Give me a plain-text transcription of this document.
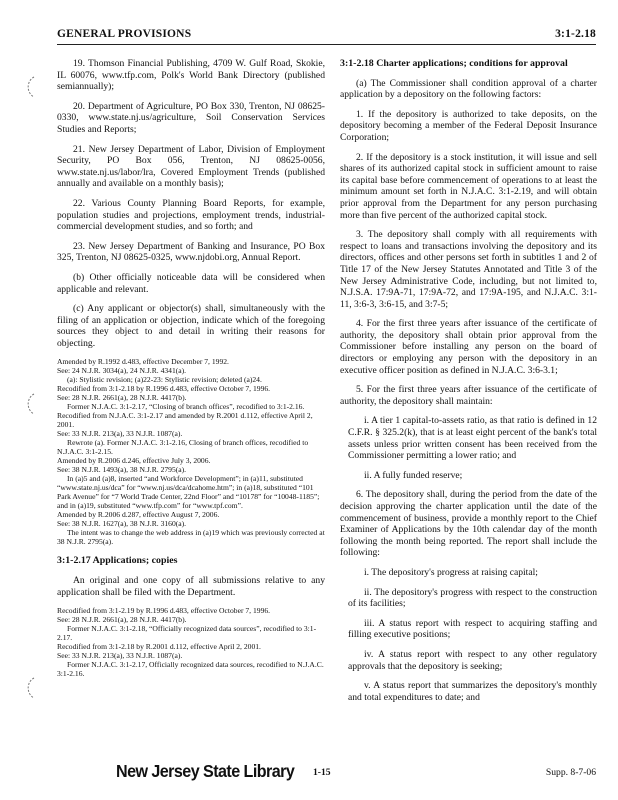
GENERAL PROVISIONS	3:1-2.18

19. Thomson Financial Publishing, 4709 W. Gulf Road, Skokie, IL 60076, www.tfp.com, Polk's World Bank Directory (published semiannually);

20. Department of Agriculture, PO Box 330, Trenton, NJ 08625-0330, www.state.nj.us/agriculture, Soil Conservation Services Studies and Reports;

21. New Jersey Department of Labor, Division of Employment Security, PO Box 056, Trenton, NJ 08625-0056, www.state.nj.us/labor/lra, Covered Employment Trends (published annually and available on a monthly basis);

22. Various County Planning Board Reports, for example, population studies and projections, employment trends, industrial-commercial development studies, and so forth; and

23. New Jersey Department of Banking and Insurance, PO Box 325, Trenton, NJ 08625-0325, www.njdobi.org, Annual Report.

(b) Other officially noticeable data will be considered when applicable and relevant.

(c) Any applicant or objector(s) shall, simultaneously with the filing of an application or objection, indicate which of the foregoing sources they object to and detail in writing their reasons for objecting.

Amended by R.1992 d.483, effective December 7, 1992.

See: 24 N.J.R. 3034(a), 24 N.J.R. 4341(a).

(a): Stylistic revision; (a)22-23: Stylistic revision; deleted (a)24.

Recodified from 3:1-2.18 by R.1996 d.483, effective October 7, 1996.

See: 28 N.J.R. 2661(a), 28 N.J.R. 4417(b).

Former N.J.A.C. 3:1-2.17, “Closing of branch offices”, recodified to 3:1-2.16.

Recodified from N.J.A.C. 3:1-2.17 and amended by R.2001 d.112, effective April 2, 2001.

See: 33 N.J.R. 213(a), 33 N.J.R. 1087(a).

Rewrote (a). Former N.J.A.C. 3:1-2.16, Closing of branch offices, recodified to N.J.A.C. 3:1-2.15.

Amended by R.2006 d.246, effective July 3, 2006.

See: 38 N.J.R. 1493(a), 38 N.J.R. 2795(a).

In (a)5 and (a)8, inserted “and Workforce Development”; in (a)11, substituted “www.state.nj.us/dca” for “www.nj.us/dca/dcahome.htm”; in (a)18, substituted “101 Park Avenue” for “7 World Trade Center, 22nd Floor” and “10178” for “10048-1185”; and in (a)19, substituted “www.tfp.com” for “www.tpf.com”.

Amended by R.2006 d.287, effective August 7, 2006.

See: 38 N.J.R. 1627(a), 38 N.J.R. 3160(a).

The intent was to change the web address in (a)19 which was previously corrected at 38 N.J.R. 2795(a).

3:1-2.17 Applications; copies

An original and one copy of all submissions relative to any application shall be filed with the Department.

Recodified from 3:1-2.19 by R.1996 d.483, effective October 7, 1996.

See: 28 N.J.R. 2661(a), 28 N.J.R. 4417(b).

Former N.J.A.C. 3:1-2.18, “Officially recognized data sources”, recodified to 3:1-2.17.

Recodified from 3:1-2.18 by R.2001 d.112, effective April 2, 2001.

See: 33 N.J.R. 213(a), 33 N.J.R. 1087(a).

Former N.J.A.C. 3:1-2.17, Officially recognized data sources, recodified to N.J.A.C. 3:1-2.16.

3:1-2.18 Charter applications; conditions for approval

(a) The Commissioner shall condition approval of a charter application by a depository on the following factors:

1. If the depository is authorized to take deposits, on the depository becoming a member of the Federal Deposit Insurance Corporation;

2. If the depository is a stock institution, it will issue and sell shares of its authorized capital stock in sufficient amount to raise its capital base before commencement of operations to at least the minimum amount set forth in N.J.A.C. 3:1-2.19, and will obtain prior approval from the Department for any person purchasing more than five percent of the authorized capital stock.

3. The depository shall comply with all requirements with respect to loans and transactions involving the depository and its directors, offices and other persons set forth in subtitles 1 and 2 of Title 17 of the New Jersey Statutes Annotated and Title 3 of the New Jersey Administrative Code, including, but not limited to, N.J.S.A. 17:9A-71, 17:9A-72, and 17:9A-195, and N.J.A.C. 3:1-11, 3:6-3, 3:6-15, and 3:7-5;

4. For the first three years after issuance of the certificate of authority, the depository shall obtain prior approval from the Commissioner before installing any person on the board of directors or employing any person with the depository in an executive officer position as defined in N.J.A.C. 3:6-3.1;

5. For the first three years after issuance of the certificate of authority, the depository shall maintain:

i. A tier 1 capital-to-assets ratio, as that ratio is defined in 12 C.F.R. § 325.2(k), that is at least eight percent of the bank's total assets unless prior written consent has been received from the Commissioner permitting a lower ratio; and

ii. A fully funded reserve;

6. The depository shall, during the period from the date of the decision approving the charter application until the date of the commencement of business, provide a monthly report to the Chief Examiner of Applications by the 10th calendar day of the month following the month being reported. The report shall include the following:

i. The depository's progress at raising capital;

ii. The depository's progress with respect to the construction of its facilities;

iii. A status report with respect to acquiring staffing and filling executive positions;

iv. A status report with respect to any other regulatory approvals that the depository is seeking;

v. A status report that summarizes the depository's monthly and total expenditures to date; and

New Jersey State Library 1-15	Supp. 8-7-06
